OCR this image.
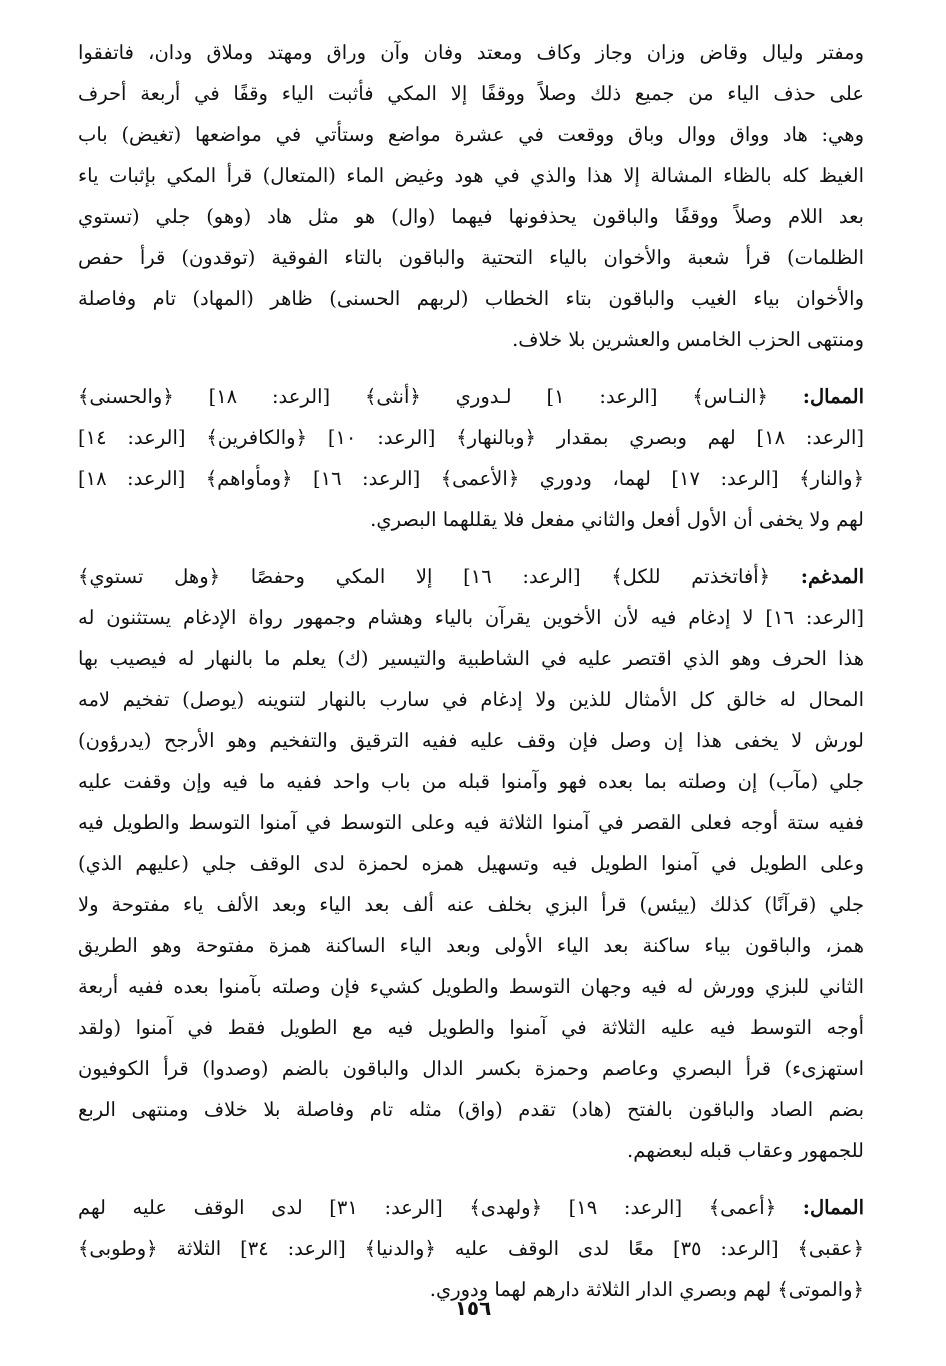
ومفتر وليال وقاض وزان وجاز وكاف ومعتد وفان وآن وراق ومهتد وملاق ودان، فاتفقوا
على حذف الياء من جميع ذلك وصلاً ووقفًا إلا المكي فأثبت الياء وقفًا في أربعة أحرف
وهي: هاد وواق ووال وباق ووقعت في عشرة مواضع وستأتي في مواضعها (تغيض) باب
الغيظ كله بالظاء المشالة إلا هذا والذي في هود وغيض الماء (المتعال) قرأ المكي بإثبات ياء
بعد اللام وصلاً ووقفًا والباقون يحذفونها فيهما (وال) هو مثل هاد (وهو) جلي (تستوي
الظلمات) قرأ شعبة والأخوان بالياء التحتية والباقون بالتاء الفوقية (توقدون) قرأ حفص
والأخوان بياء الغيب والباقون بتاء الخطاب (لربهم الحسنى) ظاهر (المهاد) تام وفاصلة
ومنتهى الحزب الخامس والعشرين بلا خلاف.
الممال: ﴿النـاس﴾ [الرعد: ١] لـدوري ﴿أنثى﴾ [الرعد: ١٨] ﴿والحسنى﴾
[الرعد: ١٨] لهم وبصري بمقدار ﴿وبالنهار﴾ [الرعد: ١٠] ﴿والكافرين﴾ [الرعد: ١٤]
﴿والنار﴾ [الرعد: ١٧] لهما، ودوري ﴿الأعمى﴾ [الرعد: ١٦] ﴿ومأواهم﴾ [الرعد: ١٨]
لهم ولا يخفى أن الأول أفعل والثاني مفعل فلا يقللهما البصري.
المدغم: ﴿أفاتخذتم للكل﴾ [الرعد: ١٦] إلا المكي وحفصًا ﴿وهل تستوي﴾
[الرعد: ١٦] لا إدغام فيه لأن الأخوين يقرآن بالياء وهشام وجمهور رواة الإدغام يستثنون له
هذا الحرف وهو الذي اقتصر عليه في الشاطبية والتيسير (ك) يعلم ما بالنهار له فيصيب بها
المحال له خالق كل الأمثال للذين ولا إدغام في سارب بالنهار لتنوينه (يوصل) تفخيم لامه
لورش لا يخفى هذا إن وصل فإن وقف عليه ففيه الترقيق والتفخيم وهو الأرجح (يدرؤون)
جلي (مآب) إن وصلته بما بعده فهو وآمنوا قبله من باب واحد ففيه ما فيه وإن وقفت عليه
ففيه ستة أوجه فعلى القصر في آمنوا الثلاثة فيه وعلى التوسط في آمنوا التوسط والطويل فيه
وعلى الطويل في آمنوا الطويل فيه وتسهيل همزه لحمزة لدى الوقف جلي (عليهم الذي)
جلي (قرآنًا) كذلك (ييئس) قرأ البزي بخلف عنه ألف بعد الياء وبعد الألف ياء مفتوحة ولا
همز، والباقون بياء ساكنة بعد الياء الأولى وبعد الياء الساكنة همزة مفتوحة وهو الطريق
الثاني للبزي وورش له فيه وجهان التوسط والطويل كشيء فإن وصلته بآمنوا بعده ففيه أربعة
أوجه التوسط فيه عليه الثلاثة في آمنوا والطويل فيه مع الطويل فقط في آمنوا (ولقد
استهزىء) قرأ البصري وعاصم وحمزة بكسر الدال والباقون بالضم (وصدوا) قرأ الكوفيون
بضم الصاد والباقون بالفتح (هاد) تقدم (واق) مثله تام وفاصلة بلا خلاف ومنتهى الربع
للجمهور وعقاب قبله لبعضهم.
الممال: ﴿أعمى﴾ [الرعد: ١٩] ﴿ولهدى﴾ [الرعد: ٣١] لدى الوقف عليه لهم
﴿عقبى﴾ [الرعد: ٣٥] معًا لدى الوقف عليه ﴿والدنيا﴾ [الرعد: ٣٤] الثلاثة ﴿وطوبى﴾
﴿والموتى﴾ لهم وبصري الدار الثلاثة دارهم لهما ودوري.
١٥٦
